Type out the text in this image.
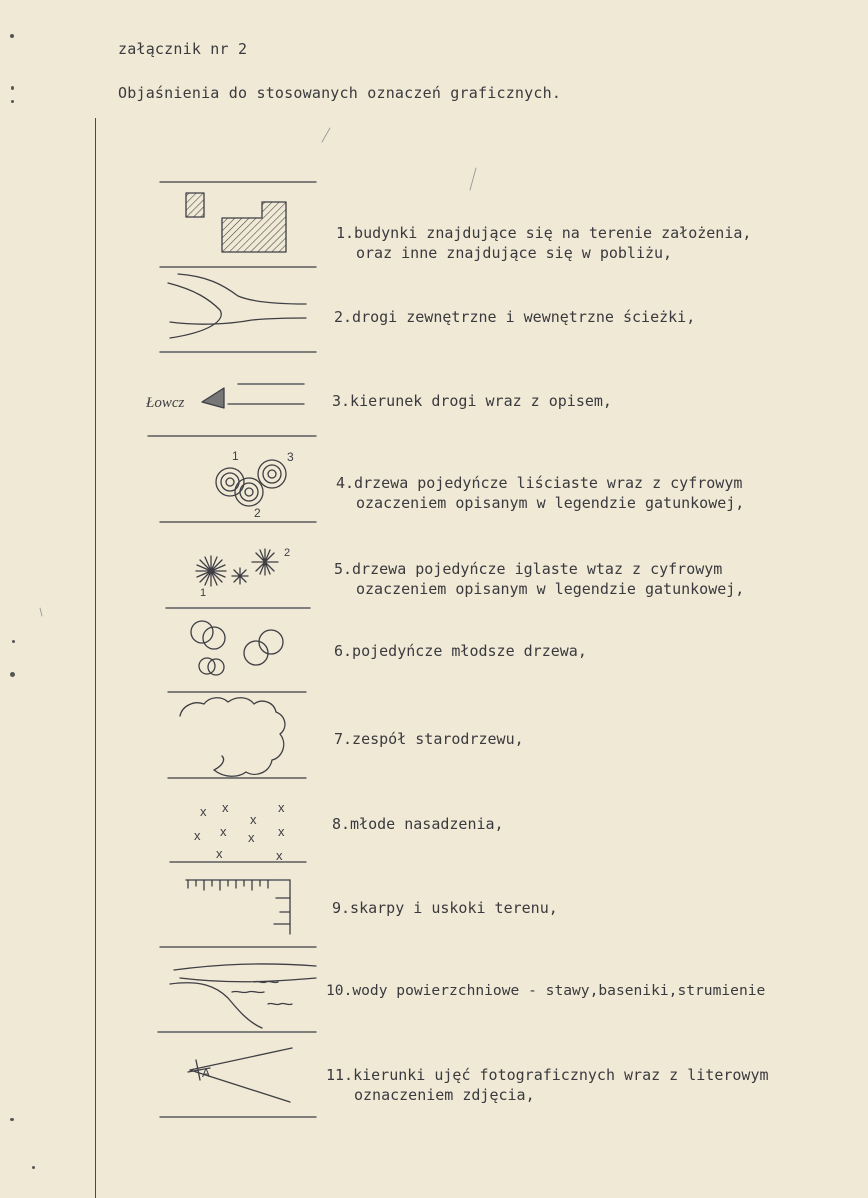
załącznik nr 2
Objaśnienia do stosowanych oznaczeń graficznych.
1.budynki znajdujące się na terenie założenia,
oraz inne znajdujące się w pobliżu,
2.drogi zewnętrzne i wewnętrzne ścieżki,
3.kierunek drogi wraz z opisem,
4.drzewa pojedyńcze liściaste wraz z cyfrowym
ozaczeniem opisanym w legendzie gatunkowej,
5.drzewa pojedyńcze iglaste wtaz z cyfrowym
ozaczeniem opisanym w legendzie gatunkowej,
6.pojedyńcze młodsze drzewa,
7.zespół starodrzewu,
8.młode nasadzenia,
9.skarpy i uskoki terenu,
10.wody powierzchniowe - stawy,baseniki,strumienie
11.kierunki ujęć fotograficznych wraz z literowym
oznaczeniem zdjęcia,
Łowcz
1
2
3
1
2
x x
x
x
x x x x
x	x
A
